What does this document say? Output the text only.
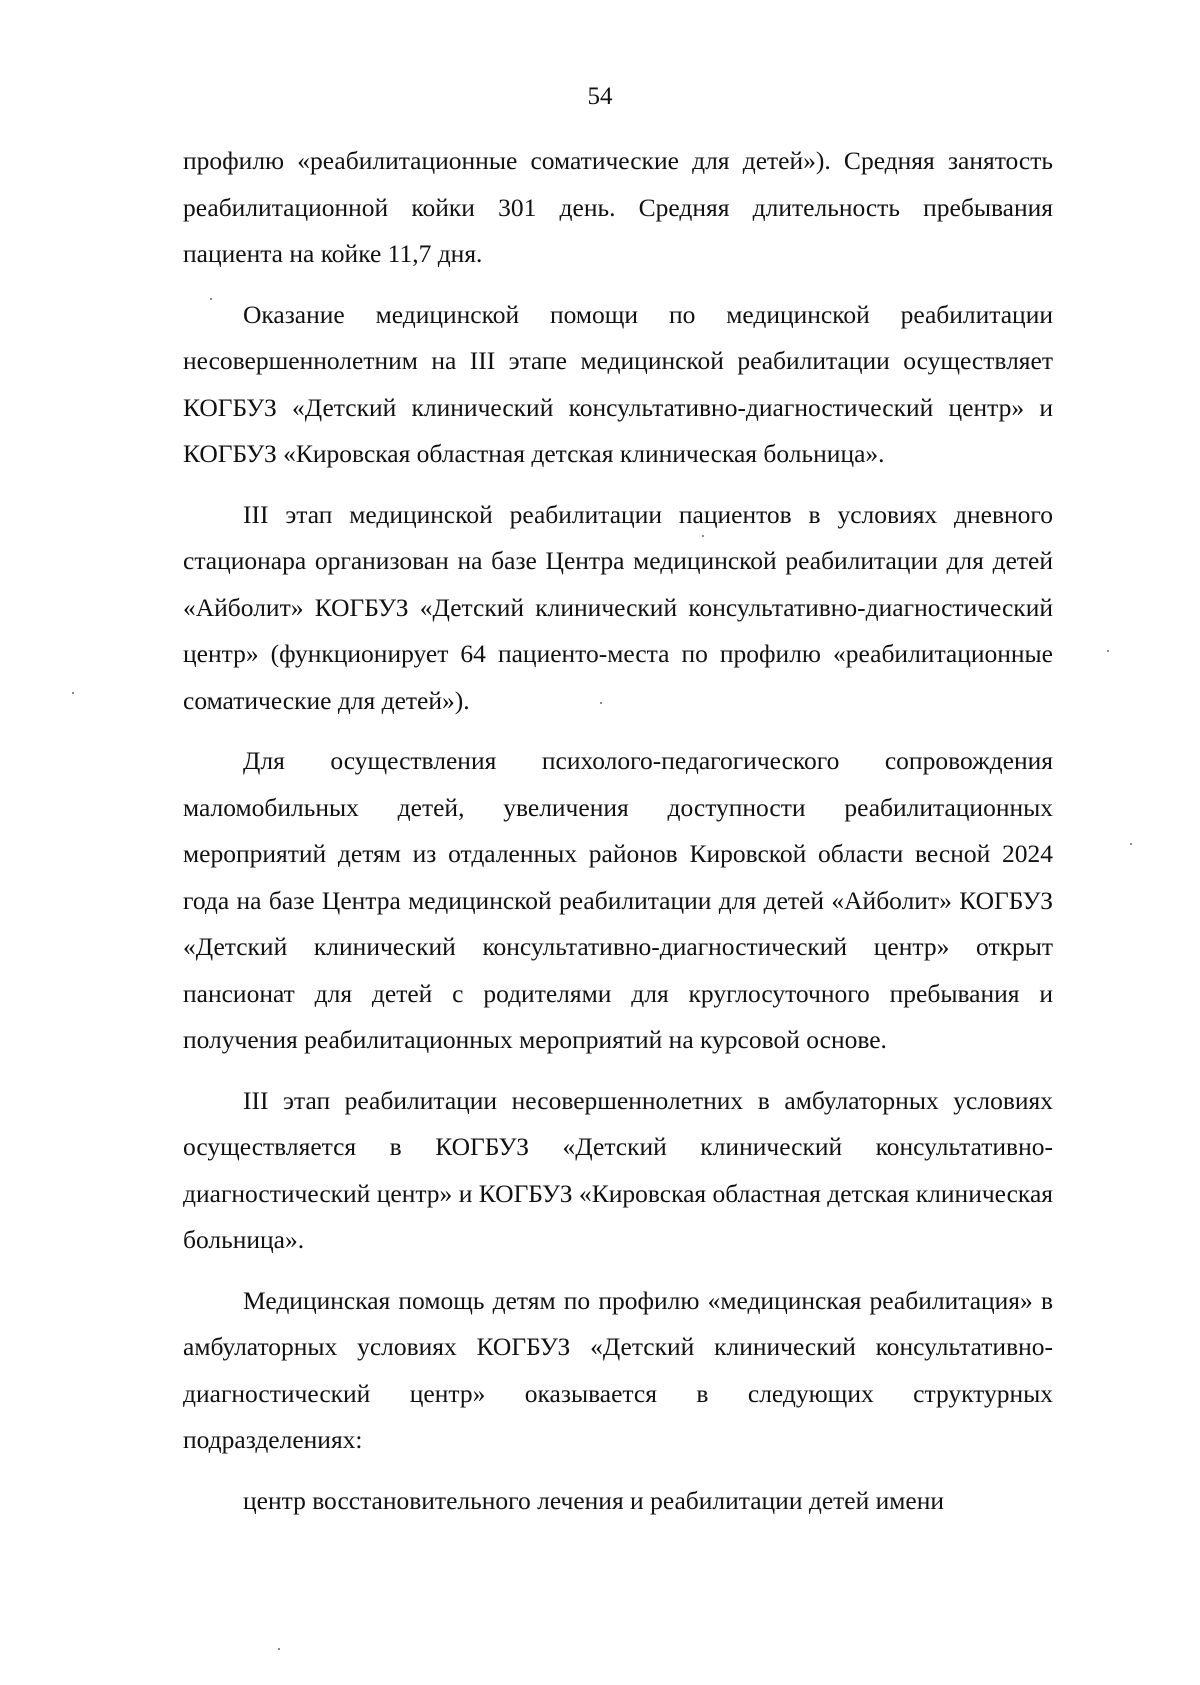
54

профилю «реабилитационные соматические для детей»). Средняя занятость реабилитационной койки 301 день. Средняя длительность пребывания пациента на койке 11,7 дня.

Оказание медицинской помощи по медицинской реабилитации несовершеннолетним на III этапе медицинской реабилитации осуществляет КОГБУЗ «Детский клинический консультативно-диагностический центр» и КОГБУЗ «Кировская областная детская клиническая больница».

III этап медицинской реабилитации пациентов в условиях дневного стационара организован на базе Центра медицинской реабилитации для детей «Айболит» КОГБУЗ «Детский клинический консультативно-диагностический центр» (функционирует 64 пациенто-места по профилю «реабилитационные соматические для детей»).

Для осуществления психолого-педагогического сопровождения маломобильных детей, увеличения доступности реабилитационных мероприятий детям из отдаленных районов Кировской области весной 2024 года на базе Центра медицинской реабилитации для детей «Айболит» КОГБУЗ «Детский клинический консультативно-диагностический центр» открыт пансионат для детей с родителями для круглосуточного пребывания и получения реабилитационных мероприятий на курсовой основе.

III этап реабилитации несовершеннолетних в амбулаторных условиях осуществляется в КОГБУЗ «Детский клинический консультативно-диагностический центр» и КОГБУЗ «Кировская областная детская клиническая больница».

Медицинская помощь детям по профилю «медицинская реабилитация» в амбулаторных условиях КОГБУЗ «Детский клинический консультативно-диагностический центр» оказывается в следующих структурных подразделениях:

центр восстановительного лечения и реабилитации детей имени
